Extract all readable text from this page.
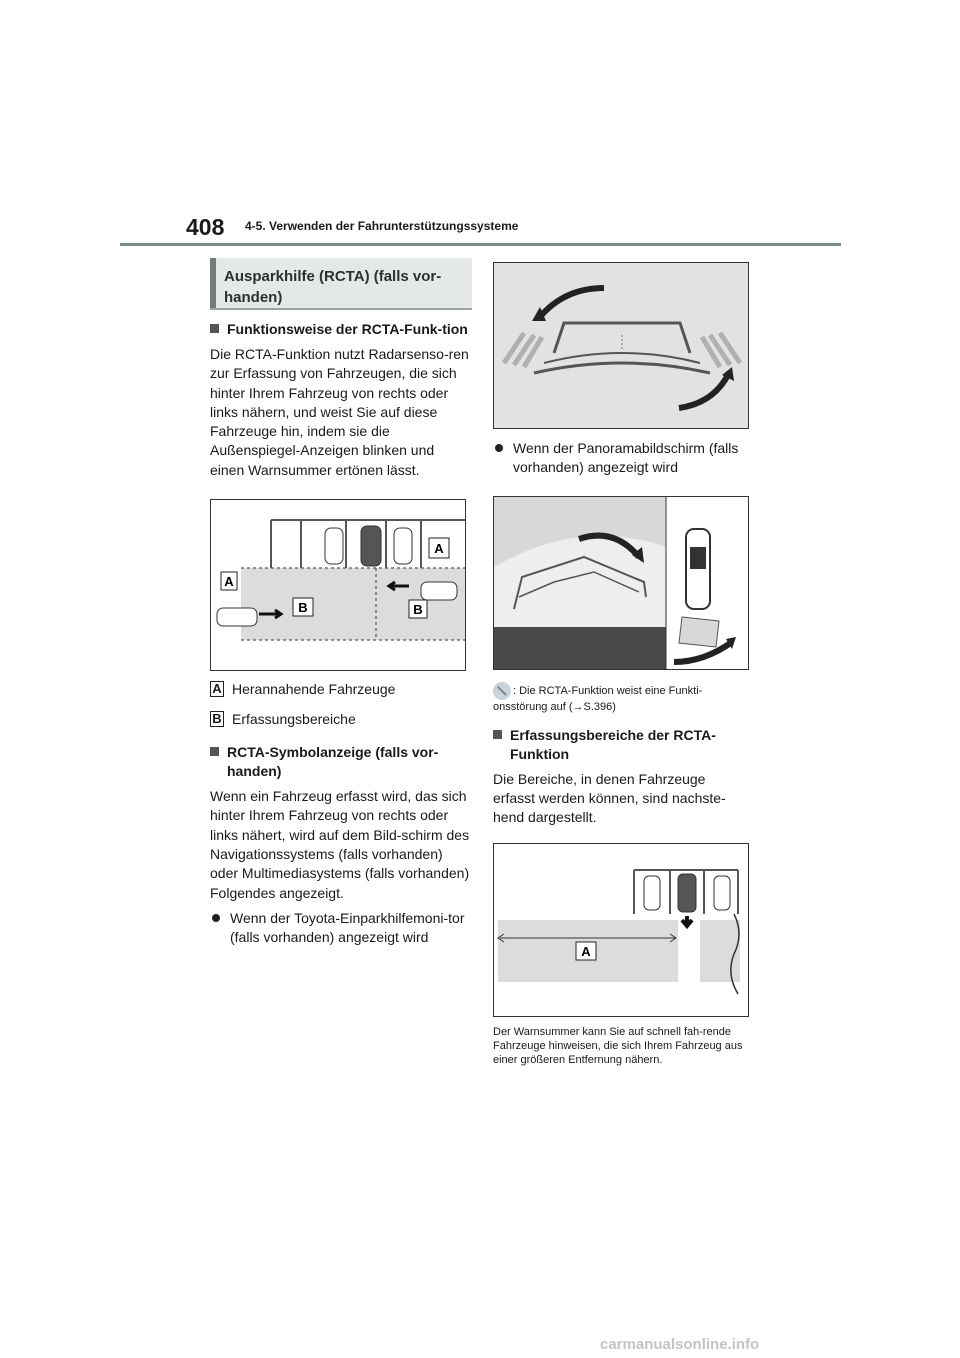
408 4-5. Verwenden der Fahrunterstützungssysteme
Ausparkhilfe (RCTA) (falls vor-handen)
Funktionsweise der RCTA-Funk-tion
Die RCTA-Funktion nutzt Radarsenso-ren zur Erfassung von Fahrzeugen, die sich hinter Ihrem Fahrzeug von rechts oder links nähern, und weist Sie auf diese Fahrzeuge hin, indem sie die Außenspiegel-Anzeigen blinken und einen Warnsummer ertönen lässt.
A
A
B	B
A Herannahende Fahrzeuge
B Erfassungsbereiche
RCTA-Symbolanzeige (falls vor-handen)
Wenn ein Fahrzeug erfasst wird, das sich hinter Ihrem Fahrzeug von rechts oder links nähert, wird auf dem Bild-schirm des Navigationssystems (falls vorhanden) oder Multimediasystems (falls vorhanden) Folgendes angezeigt.
Wenn der Toyota-Einparkhilfemoni-tor (falls vorhanden) angezeigt wird
Wenn der Panoramabildschirm (falls vorhanden) angezeigt wird
: Die RCTA-Funktion weist eine Funkti-onsstörung auf (→S.396)
Erfassungsbereiche der RCTA-Funktion
Die Bereiche, in denen Fahrzeuge erfasst werden können, sind nachste-hend dargestellt.
A
Der Warnsummer kann Sie auf schnell fah-rende Fahrzeuge hinweisen, die sich Ihrem Fahrzeug aus einer größeren Entfernung nähern.
carmanualsonline.info
